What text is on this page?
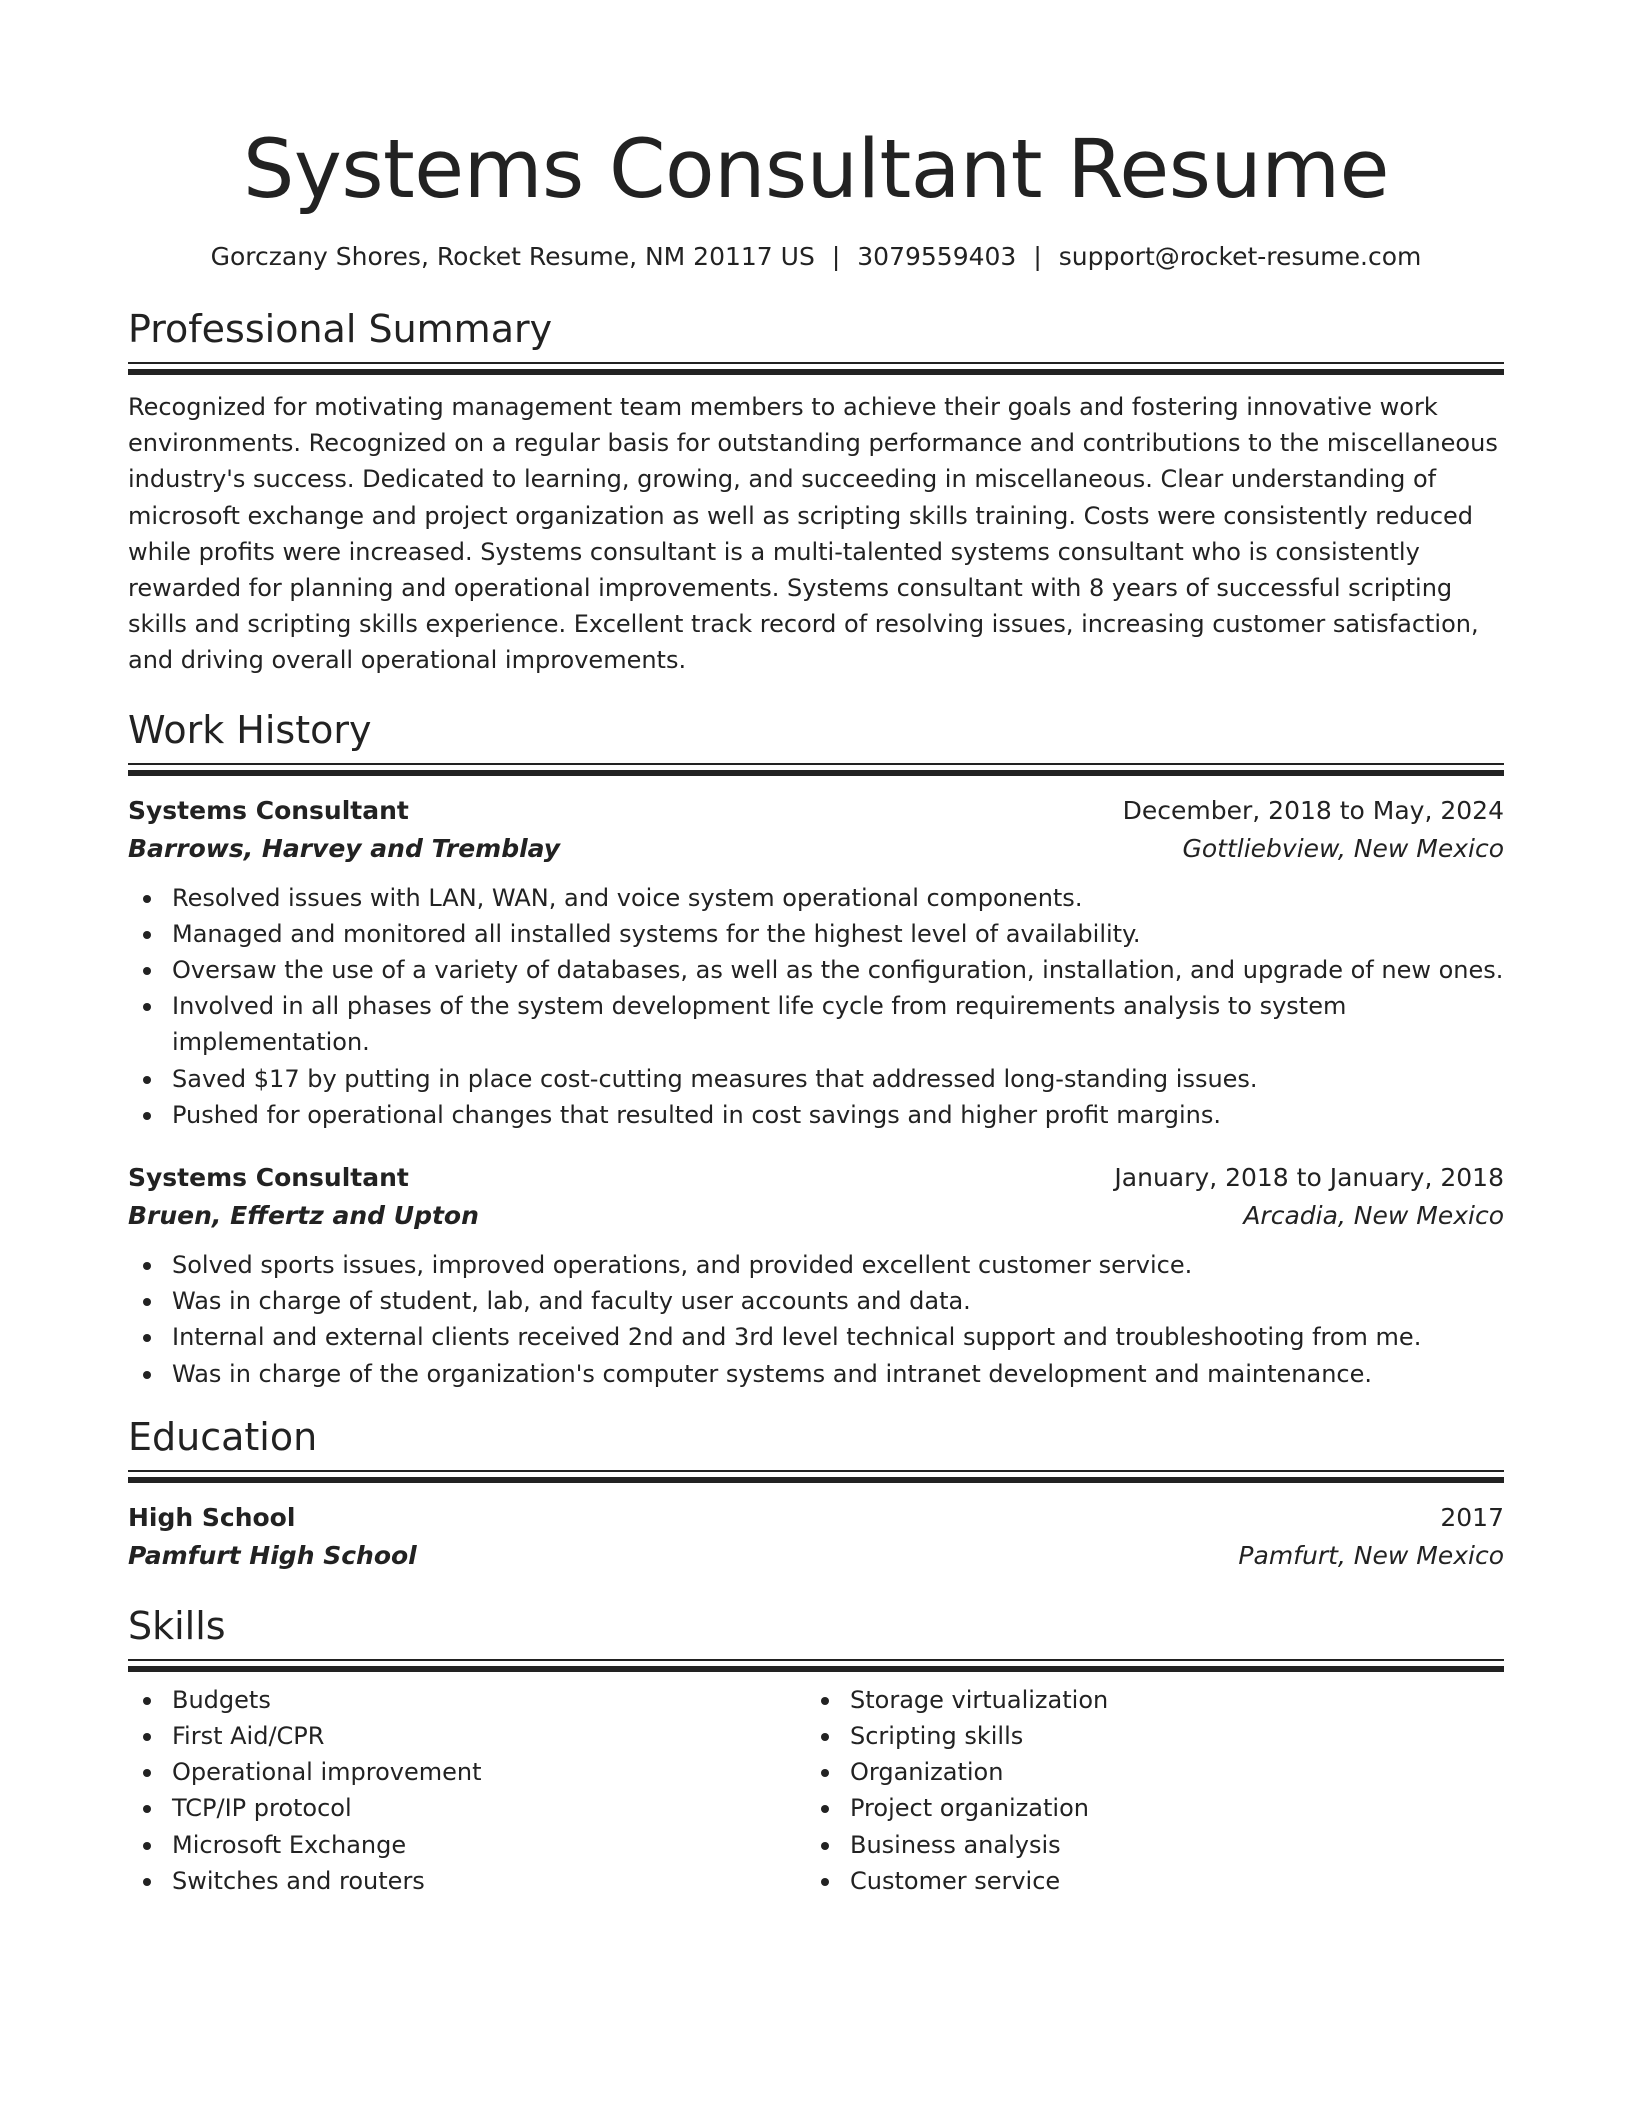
Systems Consultant Resume
Gorczany Shores, Rocket Resume, NM 20117 US | 3079559403 | support@rocket-resume.com
Professional Summary
Recognized for motivating management team members to achieve their goals and fostering innovative work environments. Recognized on a regular basis for outstanding performance and contributions to the miscellaneous industry's success. Dedicated to learning, growing, and succeeding in miscellaneous. Clear understanding of microsoft exchange and project organization as well as scripting skills training. Costs were consistently reduced while profits were increased. Systems consultant is a multi-talented systems consultant who is consistently rewarded for planning and operational improvements. Systems consultant with 8 years of successful scripting skills and scripting skills experience. Excellent track record of resolving issues, increasing customer satisfaction, and driving overall operational improvements.
Work History
Systems Consultant	December, 2018 to May, 2024
Barrows, Harvey and Tremblay	Gottliebview, New Mexico
Resolved issues with LAN, WAN, and voice system operational components.
Managed and monitored all installed systems for the highest level of availability.
Oversaw the use of a variety of databases, as well as the configuration, installation, and upgrade of new ones.
Involved in all phases of the system development life cycle from requirements analysis to system implementation.
Saved $17 by putting in place cost-cutting measures that addressed long-standing issues.
Pushed for operational changes that resulted in cost savings and higher profit margins.
Systems Consultant	January, 2018 to January, 2018
Bruen, Effertz and Upton	Arcadia, New Mexico
Solved sports issues, improved operations, and provided excellent customer service.
Was in charge of student, lab, and faculty user accounts and data.
Internal and external clients received 2nd and 3rd level technical support and troubleshooting from me.
Was in charge of the organization's computer systems and intranet development and maintenance.
Education
High School	2017
Pamfurt High School	Pamfurt, New Mexico
Skills
Budgets
First Aid/CPR
Operational improvement
TCP/IP protocol
Microsoft Exchange
Switches and routers
Storage virtualization
Scripting skills
Organization
Project organization
Business analysis
Customer service
